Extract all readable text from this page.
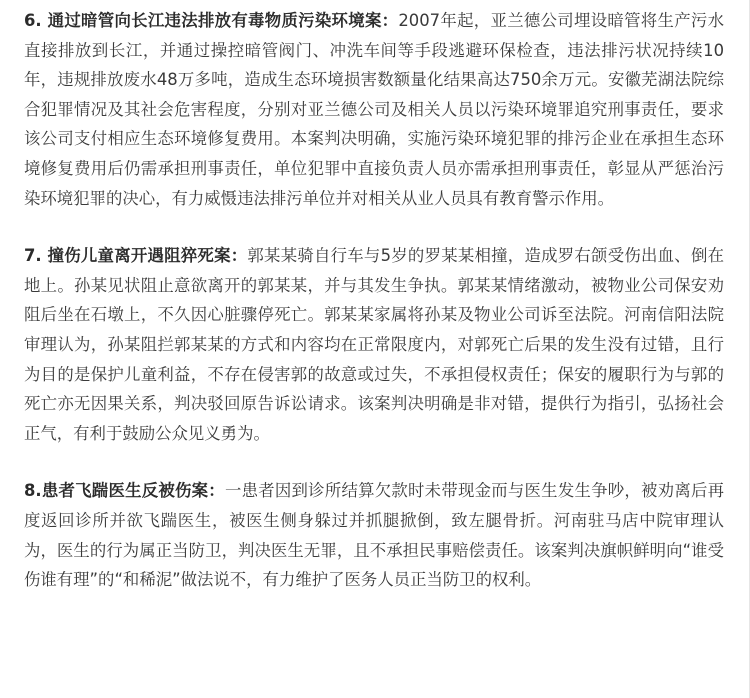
6. 通过暗管向长江违法排放有毒物质污染环境案：2007年起，亚兰德公司埋设暗管将生产污水直接排放到长江，并通过操控暗管阀门、冲洗车间等手段逃避环保检查，违法排污状况持续10年，违规排放废水48万多吨，造成生态环境损害数额量化结果高达750余万元。安徽芜湖法院综合犯罪情况及其社会危害程度，分别对亚兰德公司及相关人员以污染环境罪追究刑事责任，要求该公司支付相应生态环境修复费用。本案判决明确，实施污染环境犯罪的排污企业在承担生态环境修复费用后仍需承担刑事责任，单位犯罪中直接负责人员亦需承担刑事责任，彰显从严惩治污染环境犯罪的决心，有力威慑违法排污单位并对相关从业人员具有教育警示作用。

7. 撞伤儿童离开遇阻猝死案：郭某某骑自行车与5岁的罗某某相撞，造成罗右颌受伤出血、倒在地上。孙某见状阻止意欲离开的郭某某，并与其发生争执。郭某某情绪激动，被物业公司保安劝阻后坐在石墩上，不久因心脏骤停死亡。郭某某家属将孙某及物业公司诉至法院。河南信阳法院审理认为，孙某阻拦郭某某的方式和内容均在正常限度内，对郭死亡后果的发生没有过错，且行为目的是保护儿童利益，不存在侵害郭的故意或过失，不承担侵权责任；保安的履职行为与郭的死亡亦无因果关系，判决驳回原告诉讼请求。该案判决明确是非对错，提供行为指引，弘扬社会正气，有利于鼓励公众见义勇为。

8.患者飞踹医生反被伤案：一患者因到诊所结算欠款时未带现金而与医生发生争吵，被劝离后再度返回诊所并欲飞踹医生，被医生侧身躲过并抓腿掀倒，致左腿骨折。河南驻马店中院审理认为，医生的行为属正当防卫，判决医生无罪，且不承担民事赔偿责任。该案判决旗帜鲜明向“谁受伤谁有理”的“和稀泥”做法说不，有力维护了医务人员正当防卫的权利。
